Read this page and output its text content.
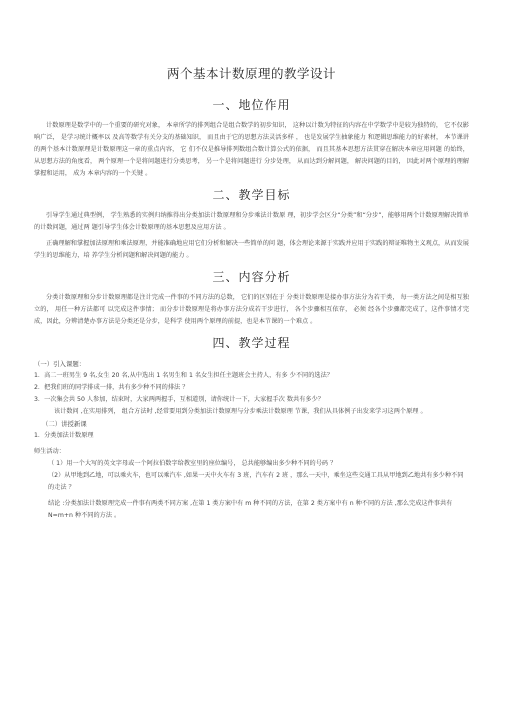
两个基本计数原理的教学设计
一、地位作用

计数原理是数学中的一个重要的研究对象， 本章所学的排列组合是组合数学的初步知识， 这种以计数为特征的内容在中学数学中是较为独特的， 它不仅影响广泛， 是学习统计概率以 及高等数学有关分支的基础知识， 而且由于它的思想方法灵活多样 ， 也是发展学生抽象能力 和逻辑思维能力的好素材， 本节课讲的两个基本计数原理是计数原理这一章的重点内容， 它 们不仅是推导排列数组合数计算公式的依据， 而且其基本思想方法贯穿在解决本章应用问题 的始终， 从思想方法的角度看， 两个原理一个是将问题进行分类思考， 另一个是将问题进行 分步处理， 从而达到分解问题， 解决问题的目的， 因此对两个原理的理解掌握和运用， 成为 本章内容的一个关键 。

二、教学目标

引导学生通过典型例， 学生熟悉的实例归纳推得出分类加法计数原理和分步乘法计数原 理，初步学会区分“分类”和“分步”，能够用两个计数原理解决简单的计数问题，通过两 题引导学生体会计数原理的基本思想及应用方法 。

正确理解和掌握加法原理和乘法原理，并能准确地应用它们分析和解决一些简单的问 题，体会理论来源于实践并应用于实践的辩证唯物主义观点，从而发展学生的思维能力，培 养学生分析问题和解决问题的能力 。

三、内容分析

分类计数原理和分步计数原理都是注计完成一件事的不同方法的总数， 它们的区别在于 分类计数原理是接办事方法分为若干类， 每一类方法之间是相互独立的， 用任一种方法都可 以完成这件事情； 而分步计数原理是将办事方法分成若干步进行， 各个步骤相互依存， 必须 经各个步骤都完成了，这件事情才完成，因此，分辨清楚办事方法是分类还是分步，是科学 使用两个原理的前提，也是本节课的一个难点 。

四、教学过程

（一）引入课题：

1．高二一班男生 9 名,女生 20 名,从中选出 1 名男生和 1 名女生担任主题班会主持人，有多 少不同的选法？

2．把我们班的同学排成一排，共有多少种不同的排法 ？

3．一次集会共 50 人参加，结束时，大家两两握手，互相道别，请你统计一下，大家握手次 数共有多少？

该计数问 ,在实用排列， 组合方法时 ,经常要用到分类加法计数原理与分步乘法计数原理 节课，我们从具体例子出发来学习这两个原理 。

（二）讲授新课

1．分类加法计数原理

师生活动：

（ 1）用一个大写的英文字母或一个阿拉伯数字给教室里的座位编号， 总共能够编出多少种不同的号码 ？

（2）从甲地到乙地，可以乘火车，也可以乘汽车 ,如果一天中火车有 3 班，汽车有 2 班 ，那么一天中，乘坐这些交通工具从甲地到乙地共有多少种不同的走法 ？

结论 :分类加法计数原理完成一件事有两类不同方案 ,在第 1 类方案中有 m 种不同的方法，在第 2 类方案中有 n 种不同的方法 ,那么完成这件事共有 N=m+n 种不同的方法 。
